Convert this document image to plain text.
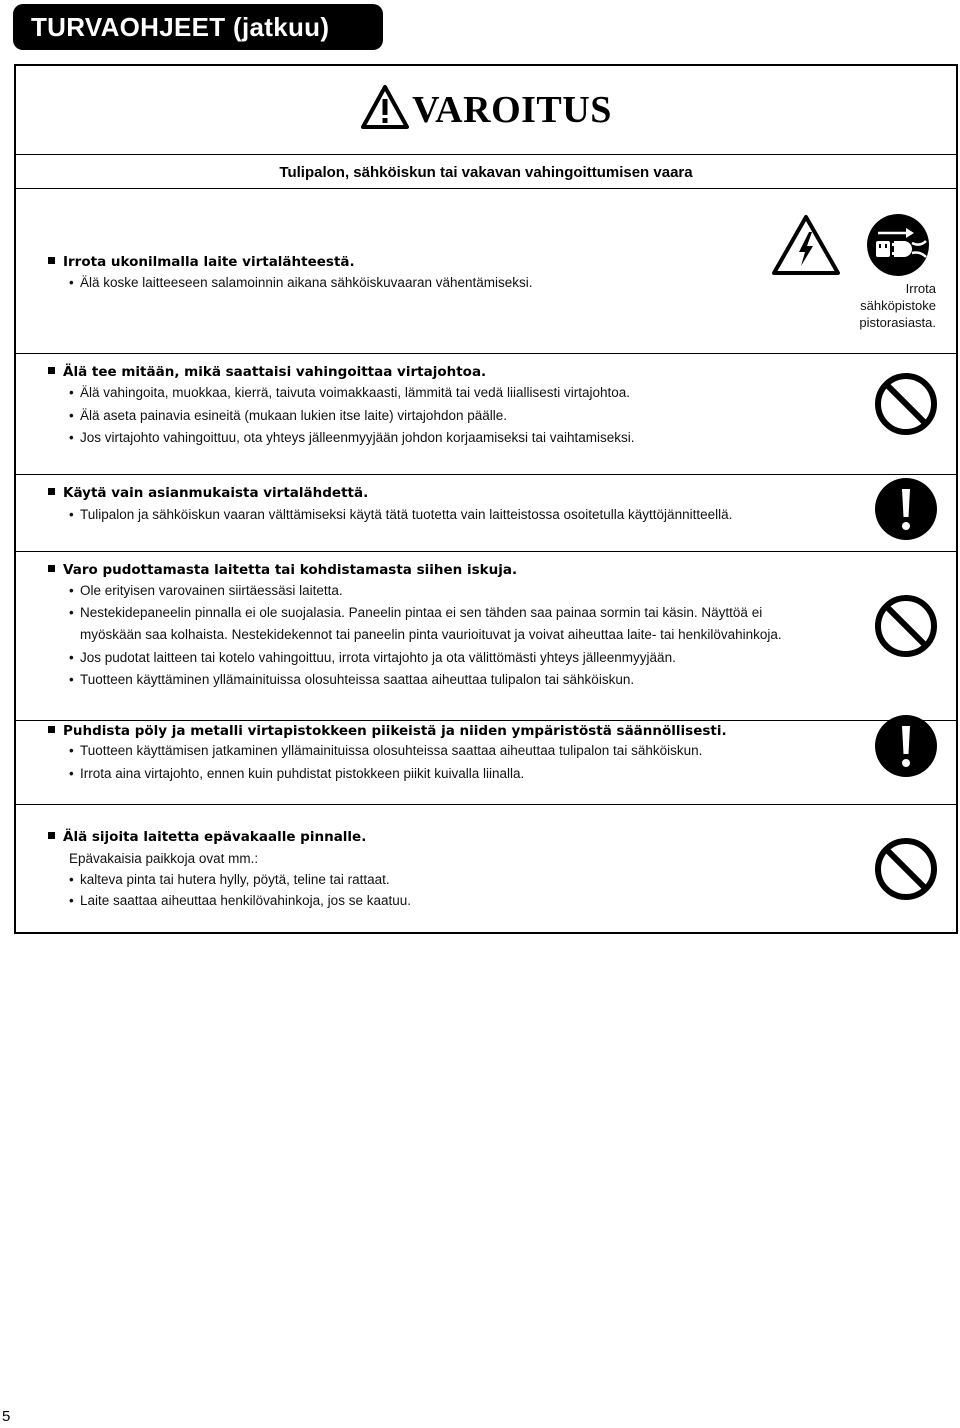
TURVAOHJEET (jatkuu)
VAROITUS
Tulipalon, sähköiskun tai vakavan vahingoittumisen vaara
Irrota ukonilmalla laite virtalähteestä.
• Älä koske laitteeseen salamoinnin aikana sähköiskuvaaran vähentämiseksi.	Irrota
sähköpistoke
pistorasiasta.
Älä tee mitään, mikä saattaisi vahingoittaa virtajohtoa.
• Älä vahingoita, muokkaa, kierrä, taivuta voimakkaasti, lämmitä tai vedä liiallisesti virtajohtoa.
• Älä aseta painavia esineitä (mukaan lukien itse laite) virtajohdon päälle.
• Jos virtajohto vahingoittuu, ota yhteys jälleenmyyjään johdon korjaamiseksi tai vaihtamiseksi.
Käytä vain asianmukaista virtalähdettä.
• Tulipalon ja sähköiskun vaaran välttämiseksi käytä tätä tuotetta vain laitteistossa osoitetulla käyttöjännitteellä.
Varo pudottamasta laitetta tai kohdistamasta siihen iskuja.
• Ole erityisen varovainen siirtäessäsi laitetta.
• Nestekidepaneelin pinnalla ei ole suojalasia. Paneelin pintaa ei sen tähden saa painaa sormin tai käsin. Näyttöä ei
myöskään saa kolhaista. Nestekidekennot tai paneelin pinta vaurioituvat ja voivat aiheuttaa laite- tai henkilövahinkoja.
• Jos pudotat laitteen tai kotelo vahingoittuu, irrota virtajohto ja ota välittömästi yhteys jälleenmyyjään.
• Tuotteen käyttäminen yllämainituissa olosuhteissa saattaa aiheuttaa tulipalon tai sähköiskun.
Puhdista pöly ja metalli virtapistokkeen piikeistä ja niiden ympäristöstä säännöllisesti.
• Tuotteen käyttämisen jatkaminen yllämainituissa olosuhteissa saattaa aiheuttaa tulipalon tai sähköiskun.
• Irrota aina virtajohto, ennen kuin puhdistat pistokkeen piikit kuivalla liinalla.
Älä sijoita laitetta epävakaalle pinnalle.
Epävakaisia paikkoja ovat mm.:
• kalteva pinta tai hutera hylly, pöytä, teline tai rattaat.
• Laite saattaa aiheuttaa henkilövahinkoja, jos se kaatuu.
5
